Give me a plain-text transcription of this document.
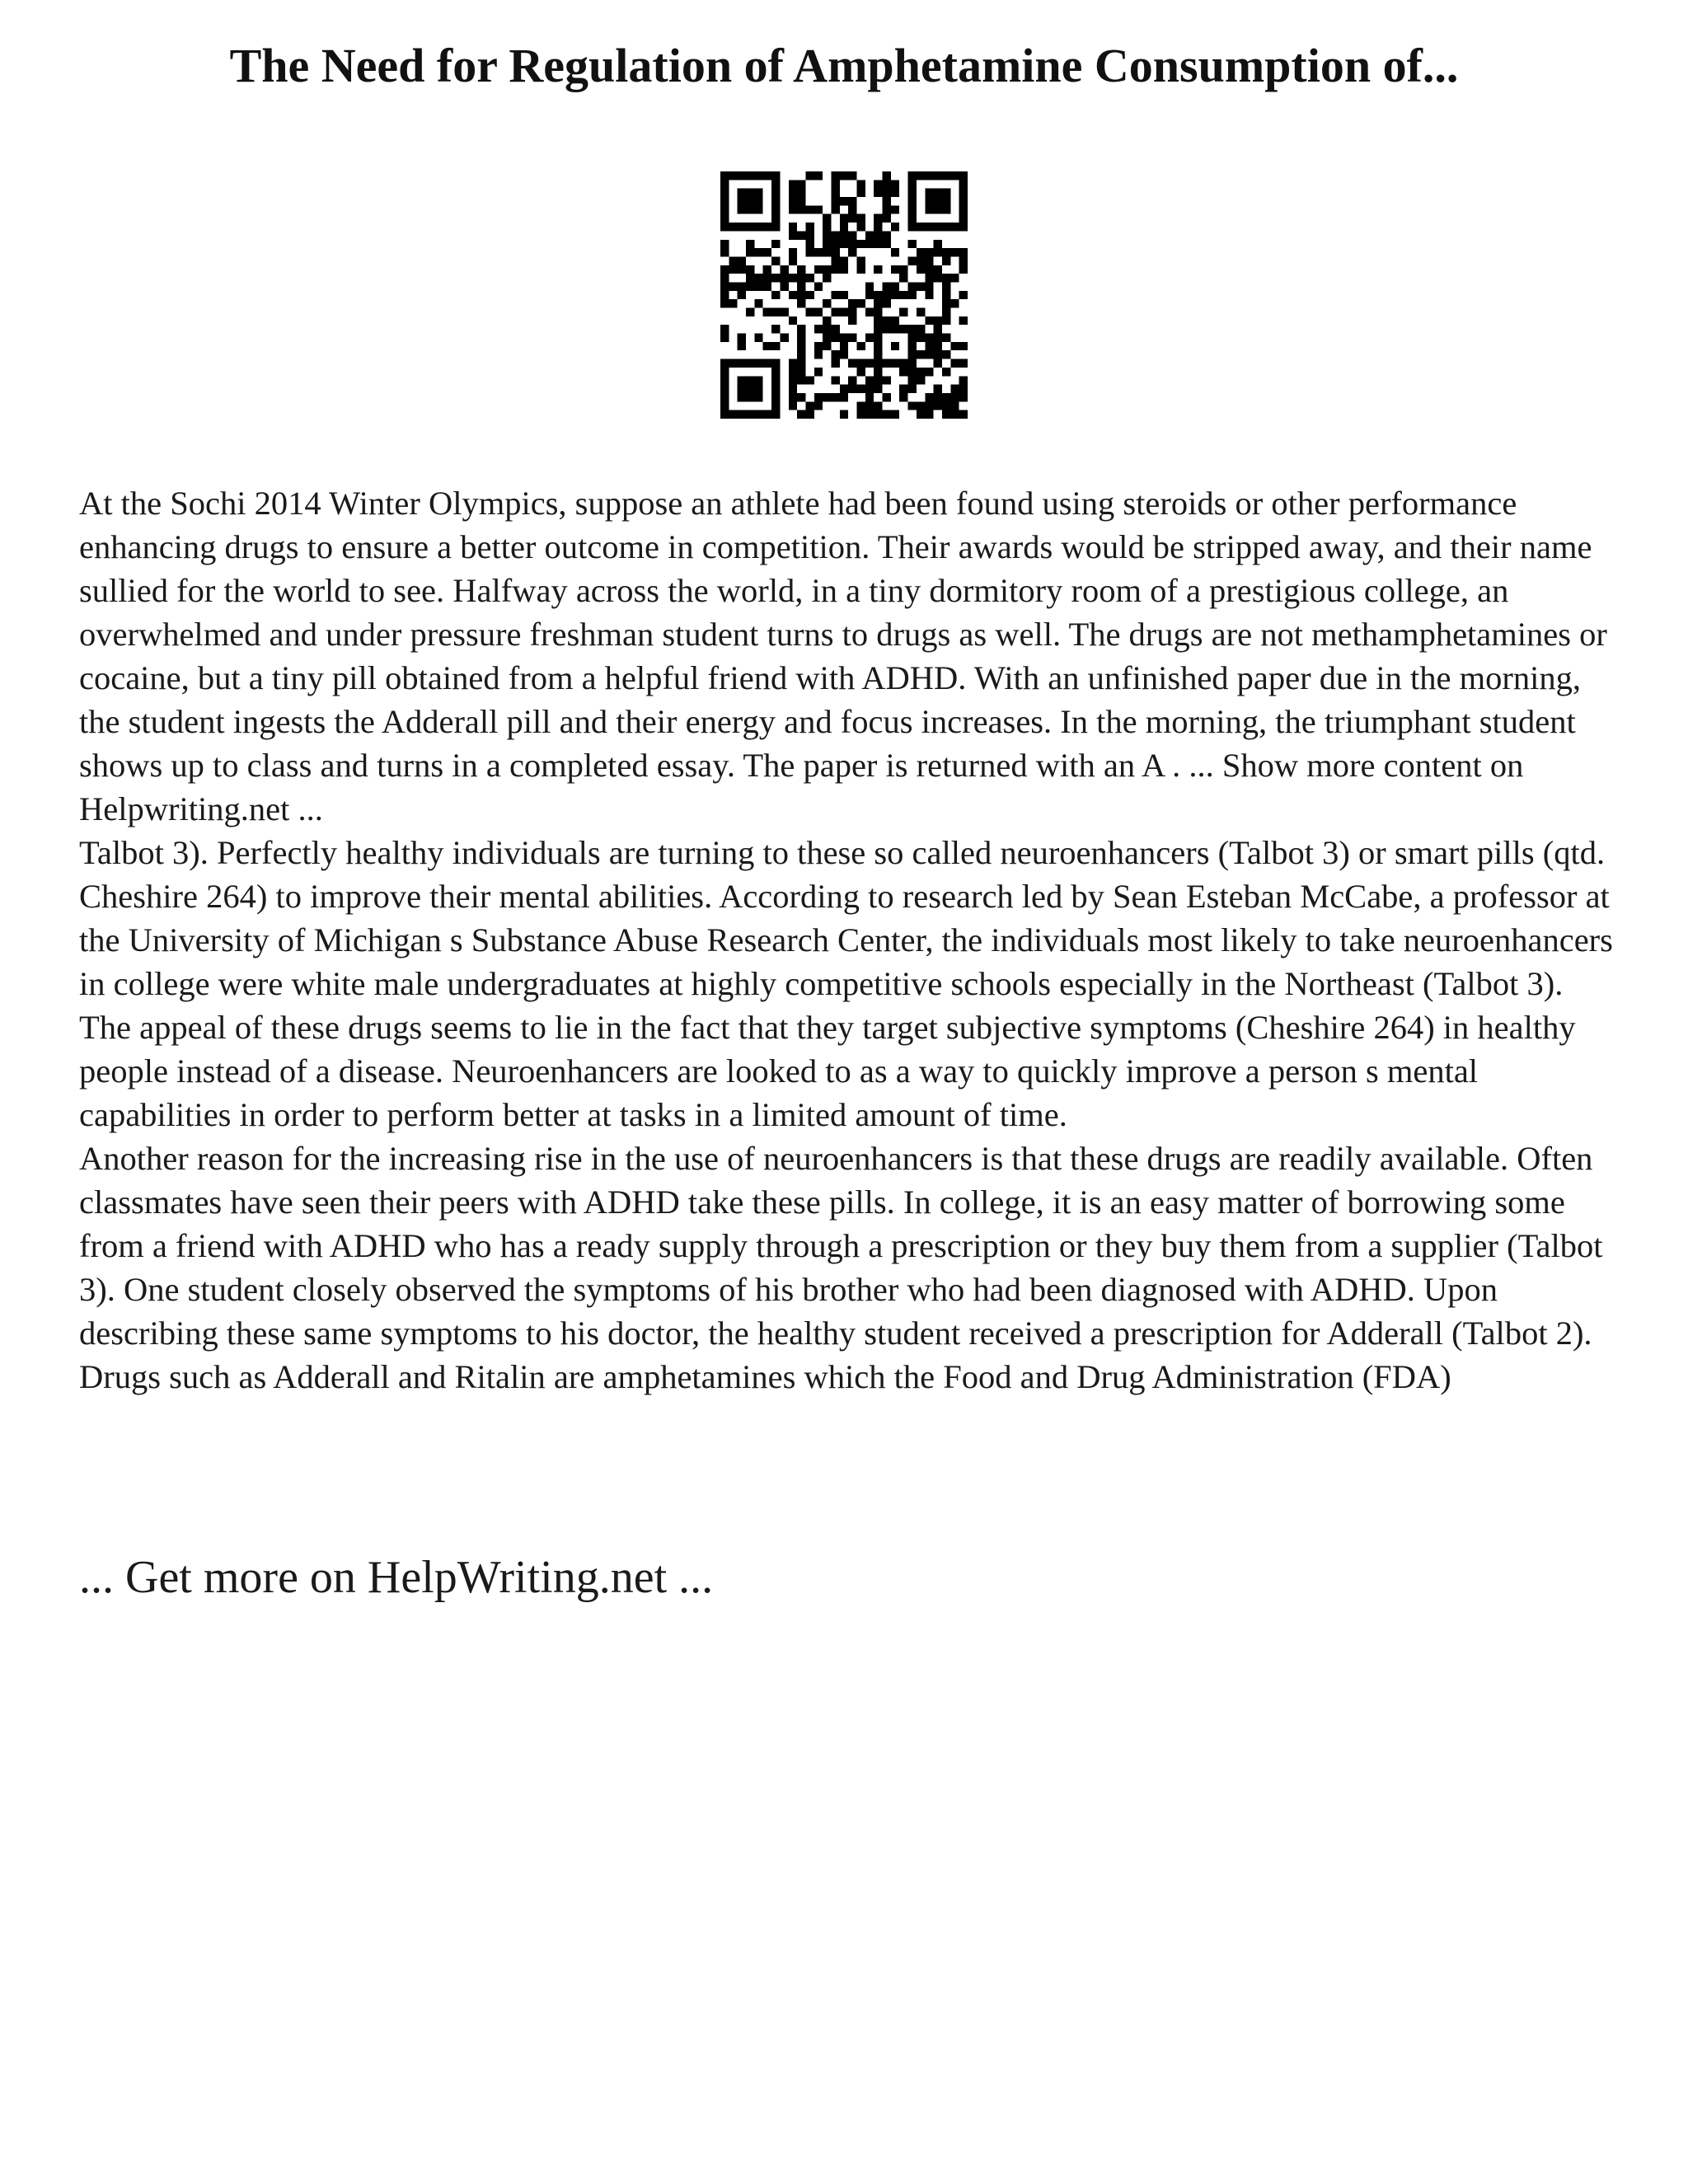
The Need for Regulation of Amphetamine Consumption of...

At the Sochi 2014 Winter Olympics, suppose an athlete had been found using steroids or other performance enhancing drugs to ensure a better outcome in competition. Their awards would be stripped away, and their name sullied for the world to see. Halfway across the world, in a tiny dormitory room of a prestigious college, an overwhelmed and under pressure freshman student turns to drugs as well. The drugs are not methamphetamines or cocaine, but a tiny pill obtained from a helpful friend with ADHD. With an unfinished paper due in the morning, the student ingests the Adderall pill and their energy and focus increases. In the morning, the triumphant student shows up to class and turns in a completed essay. The paper is returned with an A . ... Show more content on Helpwriting.net ...

Talbot 3). Perfectly healthy individuals are turning to these so called neuroenhancers (Talbot 3) or smart pills (qtd. Cheshire 264) to improve their mental abilities. According to research led by Sean Esteban McCabe, a professor at the University of Michigan s Substance Abuse Research Center, the individuals most likely to take neuroenhancers in college were white male undergraduates at highly competitive schools especially in the Northeast (Talbot 3). The appeal of these drugs seems to lie in the fact that they target subjective symptoms (Cheshire 264) in healthy people instead of a disease. Neuroenhancers are looked to as a way to quickly improve a person s mental capabilities in order to perform better at tasks in a limited amount of time.

Another reason for the increasing rise in the use of neuroenhancers is that these drugs are readily available. Often classmates have seen their peers with ADHD take these pills. In college, it is an easy matter of borrowing some from a friend with ADHD who has a ready supply through a prescription or they buy them from a supplier (Talbot 3). One student closely observed the symptoms of his brother who had been diagnosed with ADHD. Upon describing these same symptoms to his doctor, the healthy student received a prescription for Adderall (Talbot 2). Drugs such as Adderall and Ritalin are amphetamines which the Food and Drug Administration (FDA)

... Get more on HelpWriting.net ...
